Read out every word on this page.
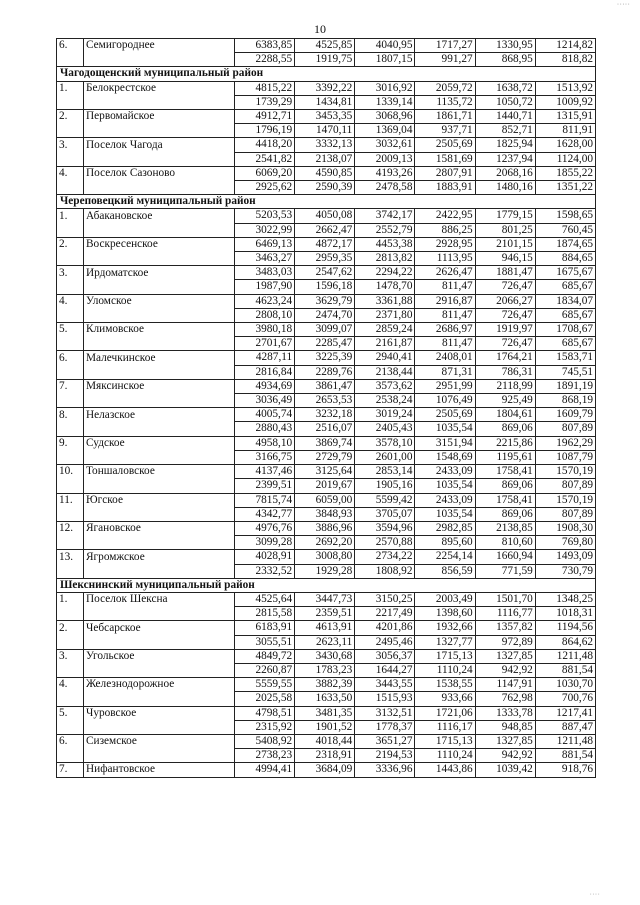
˙˙˙˙˙
10
6.	Семигороднее	6383,85	4525,85	4040,95	1717,27	1330,95	1214,82
		2288,55	1919,75	1807,15	991,27	868,95	818,82
Чагодощенский муниципальный район							
1.	Белокрестское	4815,22	3392,22	3016,92	2059,72	1638,72	1513,92
		1739,29	1434,81	1339,14	1135,72	1050,72	1009,92
2.	Первомайское	4912,71	3453,35	3068,96	1861,71	1440,71	1315,91
		1796,19	1470,11	1369,04	937,71	852,71	811,91
3.	Поселок Чагода	4418,20	3332,13	3032,61	2505,69	1825,94	1628,00
		2541,82	2138,07	2009,13	1581,69	1237,94	1124,00
4.	Поселок Сазоново	6069,20	4590,85	4193,26	2807,91	2068,16	1855,22
		2925,62	2590,39	2478,58	1883,91	1480,16	1351,22
Череповецкий муниципальный район							
1.	Абакановское	5203,53	4050,08	3742,17	2422,95	1779,15	1598,65
		3022,99	2662,47	2552,79	886,25	801,25	760,45
2.	Воскресенское	6469,13	4872,17	4453,38	2928,95	2101,15	1874,65
		3463,27	2959,35	2813,82	1113,95	946,15	884,65
3.	Ирдоматское	3483,03	2547,62	2294,22	2626,47	1881,47	1675,67
		1987,90	1596,18	1478,70	811,47	726,47	685,67
4.	Уломское	4623,24	3629,79	3361,88	2916,87	2066,27	1834,07
		2808,10	2474,70	2371,80	811,47	726,47	685,67
5.	Климовское	3980,18	3099,07	2859,24	2686,97	1919,97	1708,67
		2701,67	2285,47	2161,87	811,47	726,47	685,67
6.	Малечкинское	4287,11	3225,39	2940,41	2408,01	1764,21	1583,71
		2816,84	2289,76	2138,44	871,31	786,31	745,51
7.	Мяксинское	4934,69	3861,47	3573,62	2951,99	2118,99	1891,19
		3036,49	2653,53	2538,24	1076,49	925,49	868,19
8.	Нелазское	4005,74	3232,18	3019,24	2505,69	1804,61	1609,79
		2880,43	2516,07	2405,43	1035,54	869,06	807,89
9.	Судское	4958,10	3869,74	3578,10	3151,94	2215,86	1962,29
		3166,75	2729,79	2601,00	1548,69	1195,61	1087,79
10.	Тоншаловское	4137,46	3125,64	2853,14	2433,09	1758,41	1570,19
		2399,51	2019,67	1905,16	1035,54	869,06	807,89
11.	Югское	7815,74	6059,00	5599,42	2433,09	1758,41	1570,19
		4342,77	3848,93	3705,07	1035,54	869,06	807,89
12.	Ягановское	4976,76	3886,96	3594,96	2982,85	2138,85	1908,30
		3099,28	2692,20	2570,88	895,60	810,60	769,80
13.	Ягромжское	4028,91	3008,80	2734,22	2254,14	1660,94	1493,09
		2332,52	1929,28	1808,92	856,59	771,59	730,79
Шекснинский муниципальный район							
1.	Поселок Шексна	4525,64	3447,73	3150,25	2003,49	1501,70	1348,25
		2815,58	2359,51	2217,49	1398,60	1116,77	1018,31
2.	Чебсарское	6183,91	4613,91	4201,86	1932,66	1357,82	1194,56
		3055,51	2623,11	2495,46	1327,77	972,89	864,62
3.	Угольское	4849,72	3430,68	3056,37	1715,13	1327,85	1211,48
		2260,87	1783,23	1644,27	1110,24	942,92	881,54
4.	Железнодорожное	5559,55	3882,39	3443,55	1538,55	1147,91	1030,70
		2025,58	1633,50	1515,93	933,66	762,98	700,76
5.	Чуровское	4798,51	3481,35	3132,51	1721,06	1333,78	1217,41
		2315,92	1901,52	1778,37	1116,17	948,85	887,47
6.	Сиземское	5408,92	4018,44	3651,27	1715,13	1327,85	1211,48
		2738,23	2318,91	2194,53	1110,24	942,92	881,54
7.	Нифантовское	4994,41	3684,09	3336,96	1443,86	1039,42	918,76
˙˙˙˙
